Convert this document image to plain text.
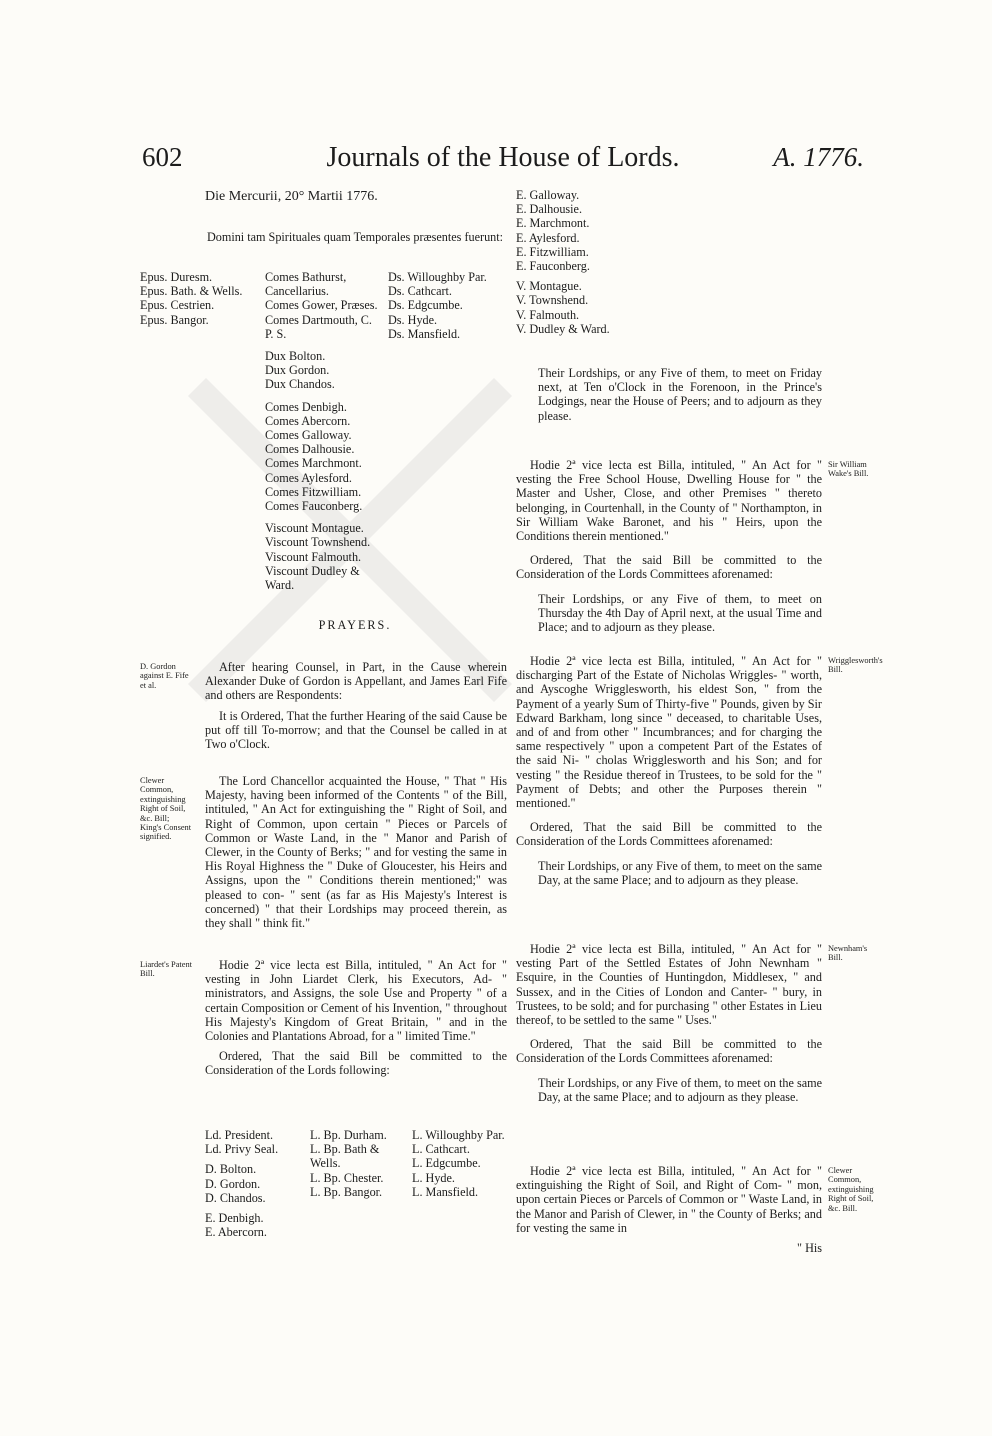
602	Journals of the House of Lords.	A. 1776.
Die Mercurii, 20° Martii 1776.
Domini tam Spirituales quam Temporales præsentes fuerunt:
Epus. Duresm.
Epus. Bath. & Wells.
Epus. Cestrien.
Epus. Bangor.
Comes Bathurst, Cancellarius.
Comes Gower, Præses.
Comes Dartmouth, C. P. S.
Dux Bolton.
Dux Gordon.
Dux Chandos.
Comes Denbigh.
Comes Abercorn.
Comes Galloway.
Comes Dalhousie.
Comes Marchmont.
Comes Aylesford.
Comes Fitzwilliam.
Comes Fauconberg.
Viscount Montague.
Viscount Townshend.
Viscount Falmouth.
Viscount Dudley & Ward.
Ds. Willoughby Par.
Ds. Cathcart.
Ds. Edgcumbe.
Ds. Hyde.
Ds. Mansfield.
PRAYERS.
D. Gordon against E. Fife et al.

After hearing Counsel, in Part, in the Cause wherein Alexander Duke of Gordon is Appellant, and James Earl Fife and others are Respondents:

It is Ordered, That the further Hearing of the said Cause be put off till To-morrow; and that the Counsel be called in at Two o'Clock.

Clewer Common, extinguishing Right of Soil, &c. Bill; King's Consent signified.

The Lord Chancellor acquainted the House, " That " His Majesty, having been informed of the Contents " of the Bill, intituled, " An Act for extinguishing the " Right of Soil, and Right of Common, upon certain " Pieces or Parcels of Common or Waste Land, in the " Manor and Parish of Clewer, in the County of Berks; " and for vesting the same in His Royal Highness the " Duke of Gloucester, his Heirs and Assigns, upon the " Conditions therein mentioned;" was pleased to con- " sent (as far as His Majesty's Interest is concerned) " that their Lordships may proceed therein, as they shall " think fit."

Liardet's Patent Bill.

Hodie 2ª vice lecta est Billa, intituled, " An Act for " vesting in John Liardet Clerk, his Executors, Ad- " ministrators, and Assigns, the sole Use and Property " of a certain Composition or Cement of his Invention, " throughout His Majesty's Kingdom of Great Britain, " and in the Colonies and Plantations Abroad, for a " limited Time."

Ordered, That the said Bill be committed to the Consideration of the Lords following:

Ld. President.
Ld. Privy Seal.
D. Bolton.
D. Gordon.
D. Chandos.
E. Denbigh.
E. Abercorn.
L. Bp. Durham.
L. Bp. Bath & Wells.
L. Bp. Chester.
L. Bp. Bangor.
L. Willoughby Par.
L. Cathcart.
L. Edgcumbe.
L. Hyde.
L. Mansfield.
E. Galloway.
E. Dalhousie.
E. Marchmont.
E. Aylesford.
E. Fitzwilliam.
E. Fauconberg.
V. Montague.
V. Townshend.
V. Falmouth.
V. Dudley & Ward.

Their Lordships, or any Five of them, to meet on Friday next, at Ten o'Clock in the Forenoon, in the Prince's Lodgings, near the House of Peers; and to adjourn as they please.

Sir William Wake's Bill.

Hodie 2ª vice lecta est Billa, intituled, " An Act for " vesting the Free School House, Dwelling House for " the Master and Usher, Close, and other Premises " thereto belonging, in Courtenhall, in the County of " Northampton, in Sir William Wake Baronet, and his " Heirs, upon the Conditions therein mentioned."

Ordered, That the said Bill be committed to the Consideration of the Lords Committees aforenamed:

Their Lordships, or any Five of them, to meet on Thursday the 4th Day of April next, at the usual Time and Place; and to adjourn as they please.

Wrigglesworth's Bill.

Hodie 2ª vice lecta est Billa, intituled, " An Act for " discharging Part of the Estate of Nicholas Wriggles- " worth, and Ayscoghe Wrigglesworth, his eldest Son, " from the Payment of a yearly Sum of Thirty-five " Pounds, given by Sir Edward Barkham, long since " deceased, to charitable Uses, and of and from other " Incumbrances; and for charging the same respectively " upon a competent Part of the Estates of the said Ni- " cholas Wrigglesworth and his Son; and for vesting " the Residue thereof in Trustees, to be sold for the " Payment of Debts; and other the Purposes therein " mentioned."

Ordered, That the said Bill be committed to the Consideration of the Lords Committees aforenamed:

Their Lordships, or any Five of them, to meet on the same Day, at the same Place; and to adjourn as they please.

Newnham's Bill.

Hodie 2ª vice lecta est Billa, intituled, " An Act for " vesting Part of the Settled Estates of John Newnham " Esquire, in the Counties of Huntingdon, Middlesex, " and Sussex, and in the Cities of London and Canter- " bury, in Trustees, to be sold; and for purchasing " other Estates in Lieu thereof, to be settled to the same " Uses."

Ordered, That the said Bill be committed to the Consideration of the Lords Committees aforenamed:

Their Lordships, or any Five of them, to meet on the same Day, at the same Place; and to adjourn as they please.

Clewer Common, extinguishing Right of Soil, &c. Bill.

Hodie 2ª vice lecta est Billa, intituled, " An Act for " extinguishing the Right of Soil, and Right of Com- " mon, upon certain Pieces or Parcels of Common or " Waste Land, in the Manor and Parish of Clewer, in " the County of Berks; and for vesting the same in

" His
